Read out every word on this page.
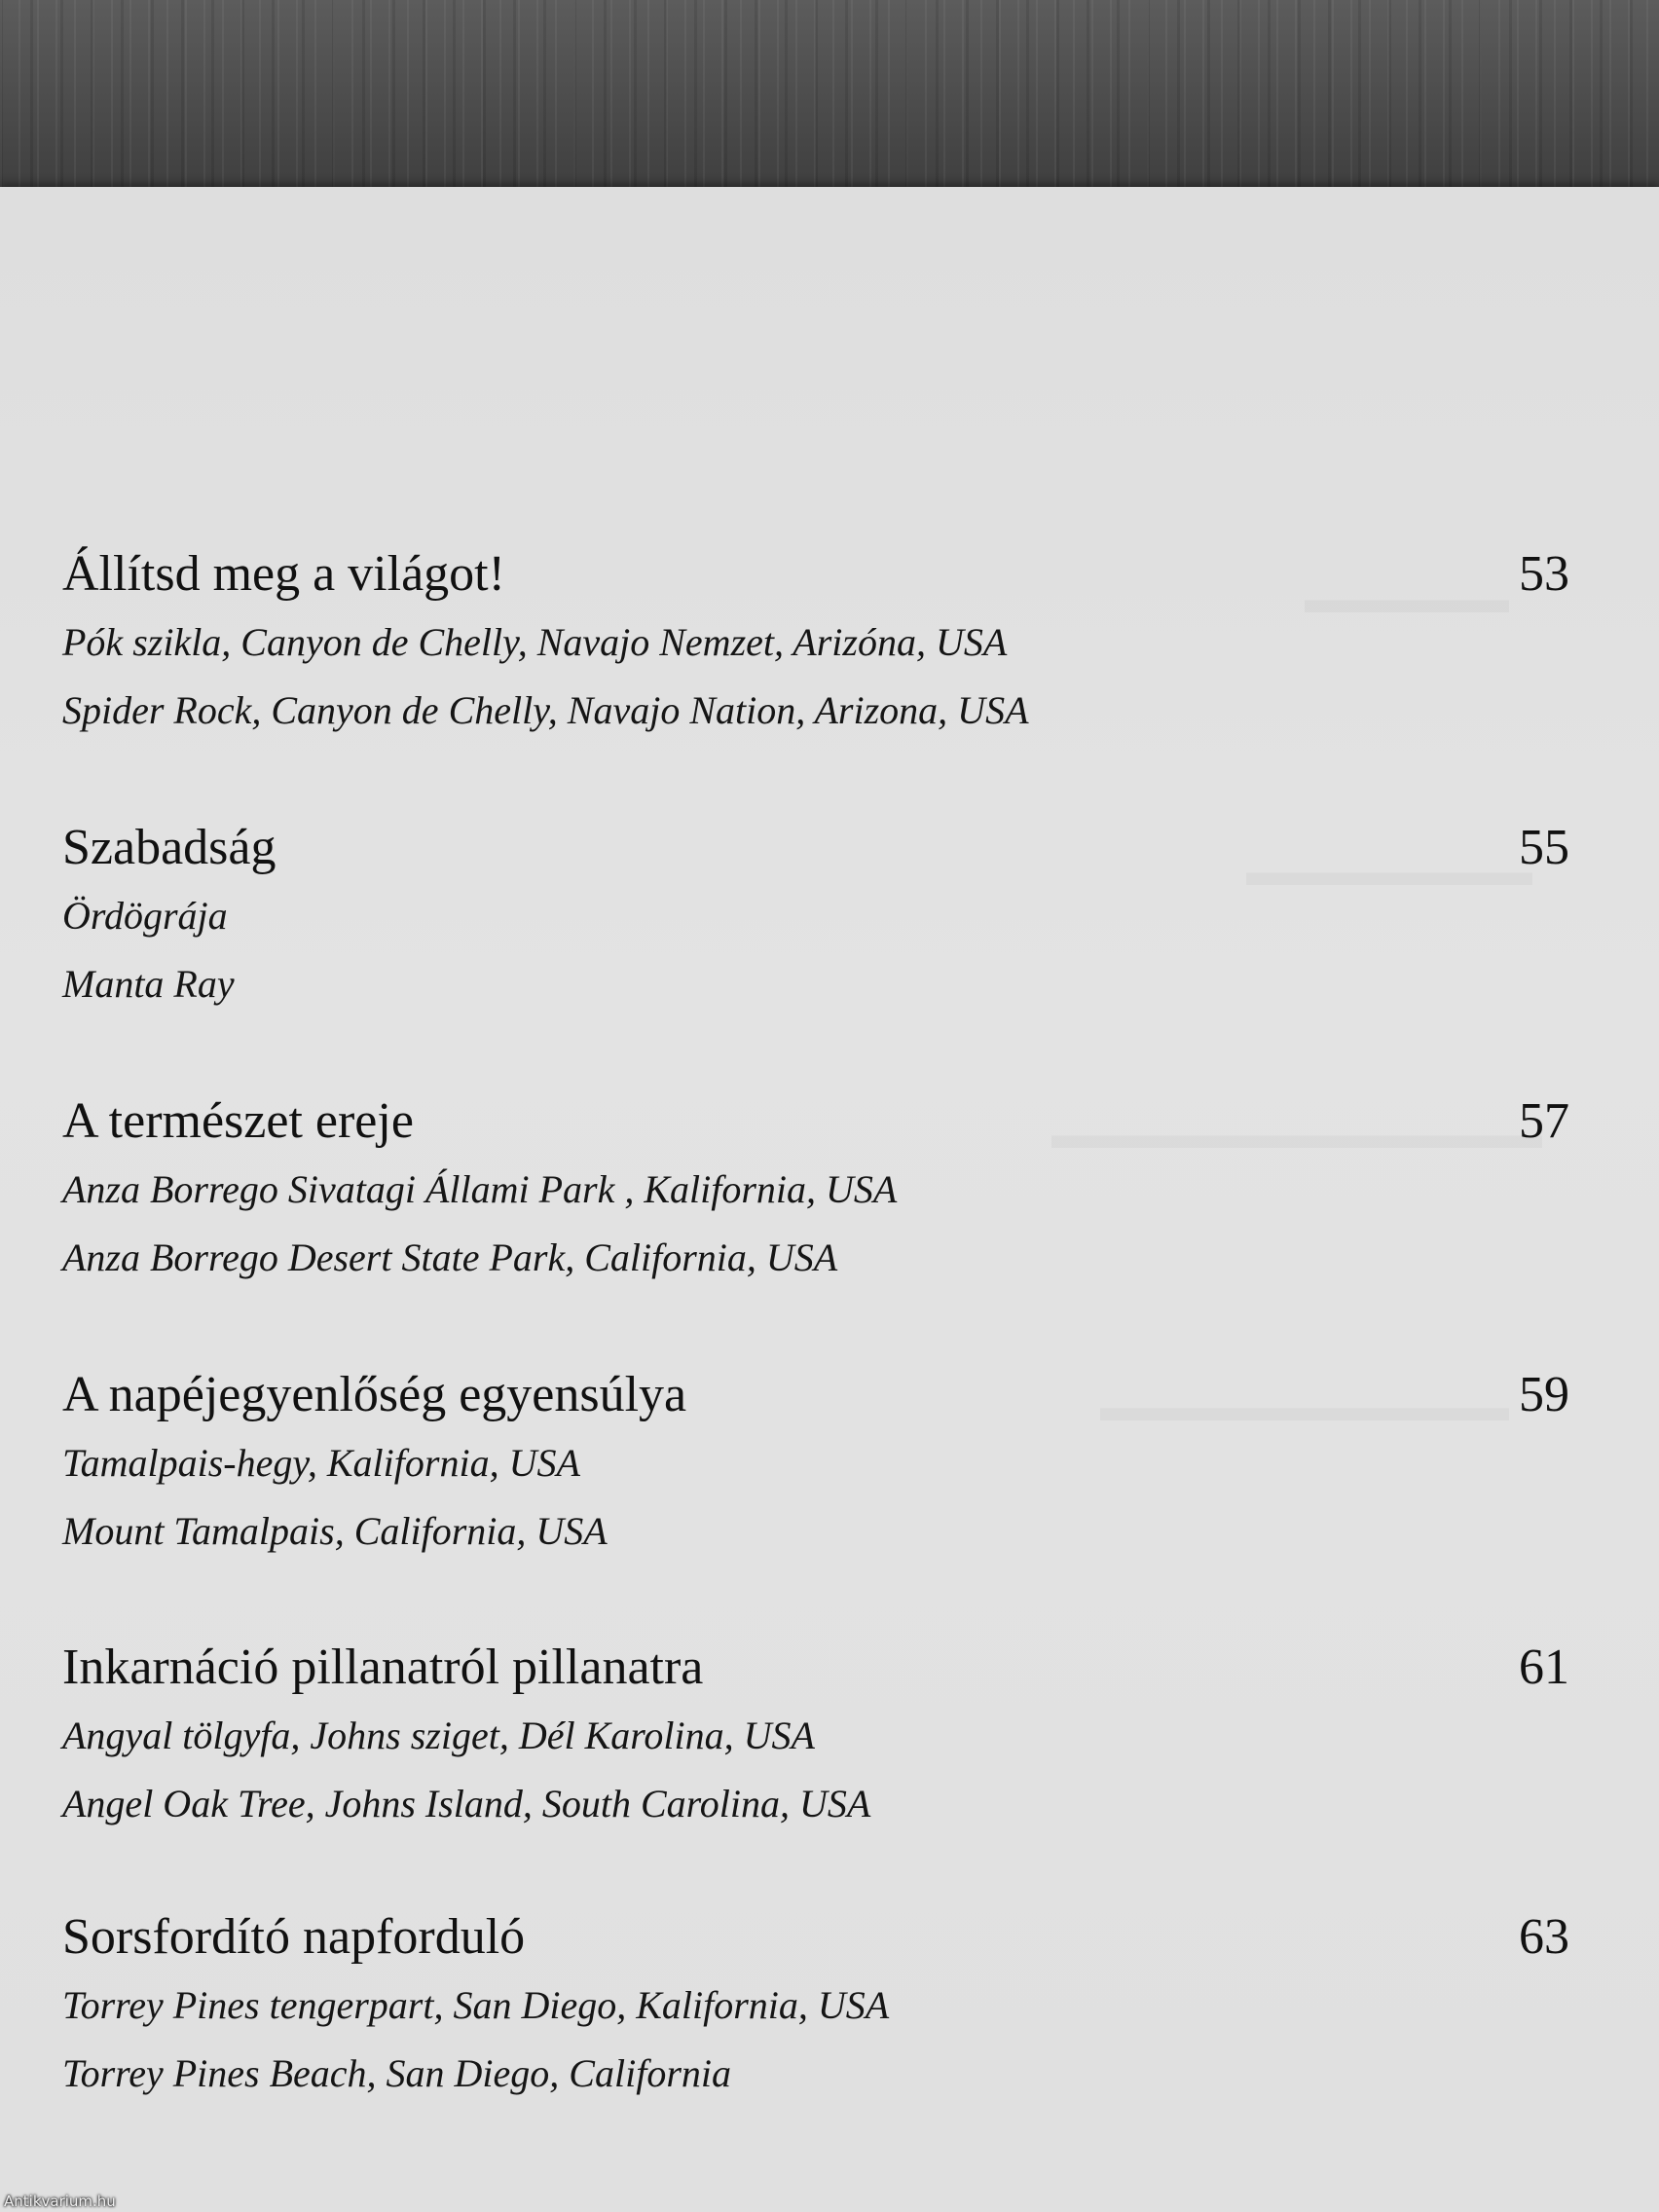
Állítsd meg a világot!	53
Pók szikla, Canyon de Chelly, Navajo Nemzet, Arizóna, USA
Spider Rock, Canyon de Chelly, Navajo Nation, Arizona, USA
Szabadság	55
Ördögrája
Manta Ray
A természet ereje	57
Anza Borrego Sivatagi Állami Park , Kalifornia, USA
Anza Borrego Desert State Park, California, USA
A napéjegyenlőség egyensúlya	59
Tamalpais-hegy, Kalifornia, USA
Mount Tamalpais, California, USA
Inkarnáció pillanatról pillanatra	61
Angyal tölgyfa, Johns sziget, Dél Karolina, USA
Angel Oak Tree, Johns Island, South Carolina, USA
Sorsfordító napforduló	63
Torrey Pines tengerpart, San Diego, Kalifornia, USA
Torrey Pines Beach, San Diego, California
Antikvarium.hu
